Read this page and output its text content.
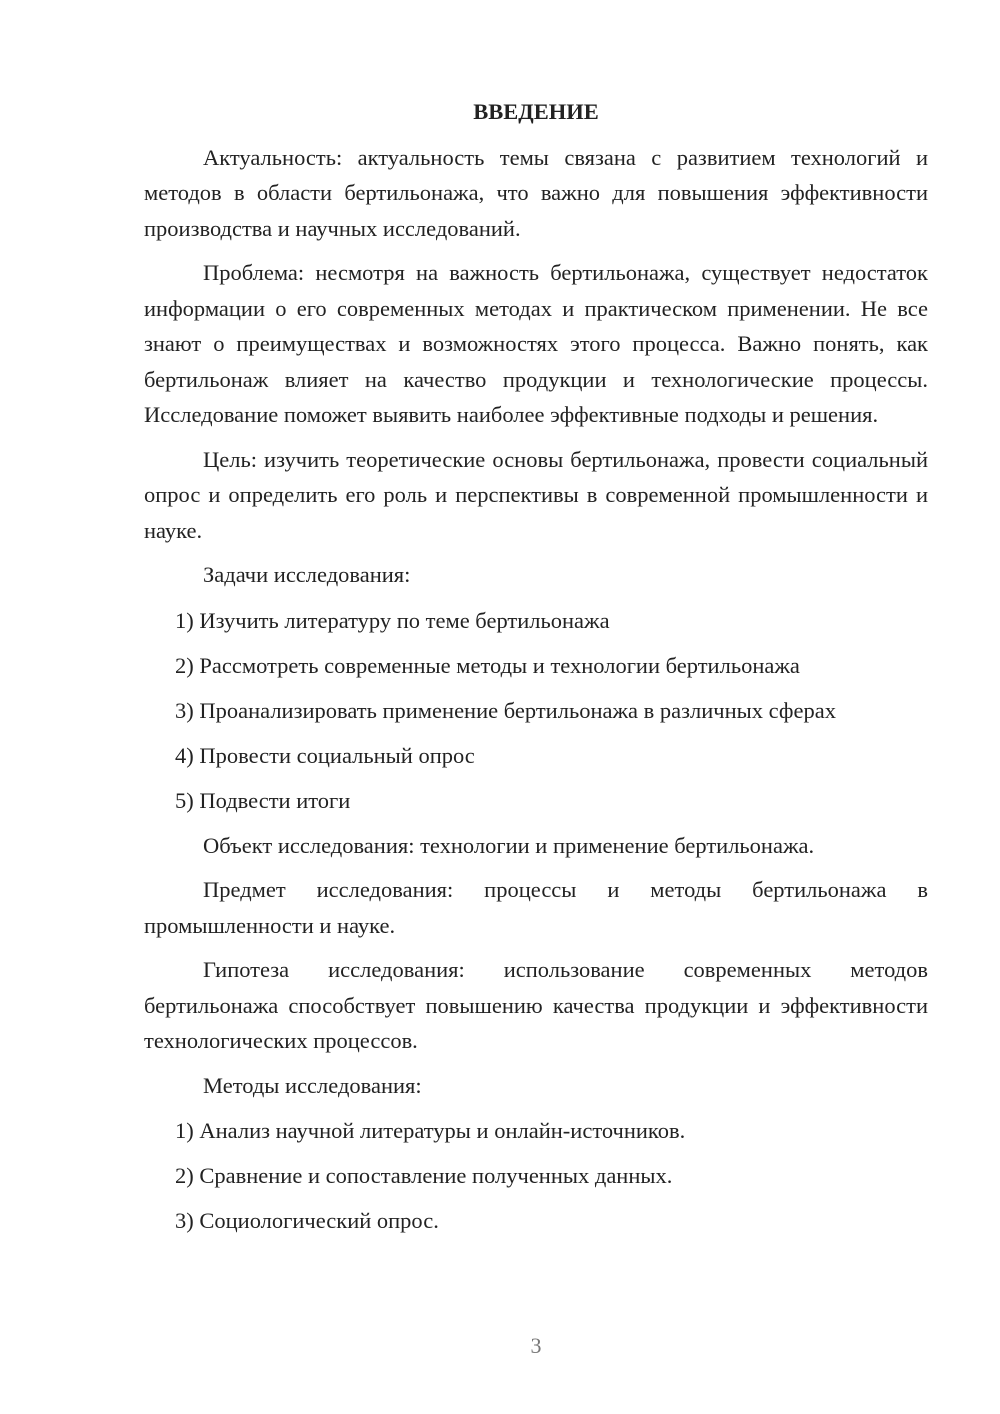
ВВЕДЕНИЕ

Актуальность: актуальность темы связана с развитием технологий и методов в области бертильонажа, что важно для повышения эффективности производства и научных исследований.

Проблема: несмотря на важность бертильонажа, существует недостаток информации о его современных методах и практическом применении. Не все знают о преимуществах и возможностях этого процесса. Важно понять, как бертильонаж влияет на качество продукции и технологические процессы. Исследование поможет выявить наиболее эффективные подходы и решения.

Цель: изучить теоретические основы бертильонажа, провести социальный опрос и определить его роль и перспективы в современной промышленности и науке.

Задачи исследования:
1) Изучить литературу по теме бертильонажа
2) Рассмотреть современные методы и технологии бертильонажа
3) Проанализировать применение бертильонажа в различных сферах
4) Провести социальный опрос
5) Подвести итоги

Объект исследования: технологии и применение бертильонажа.

Предмет исследования: процессы и методы бертильонажа в промышленности и науке.

Гипотеза исследования: использование современных методов бертильонажа способствует повышению качества продукции и эффективности технологических процессов.

Методы исследования:
1) Анализ научной литературы и онлайн-источников.
2) Сравнение и сопоставление полученных данных.
3) Социологический опрос.
3
